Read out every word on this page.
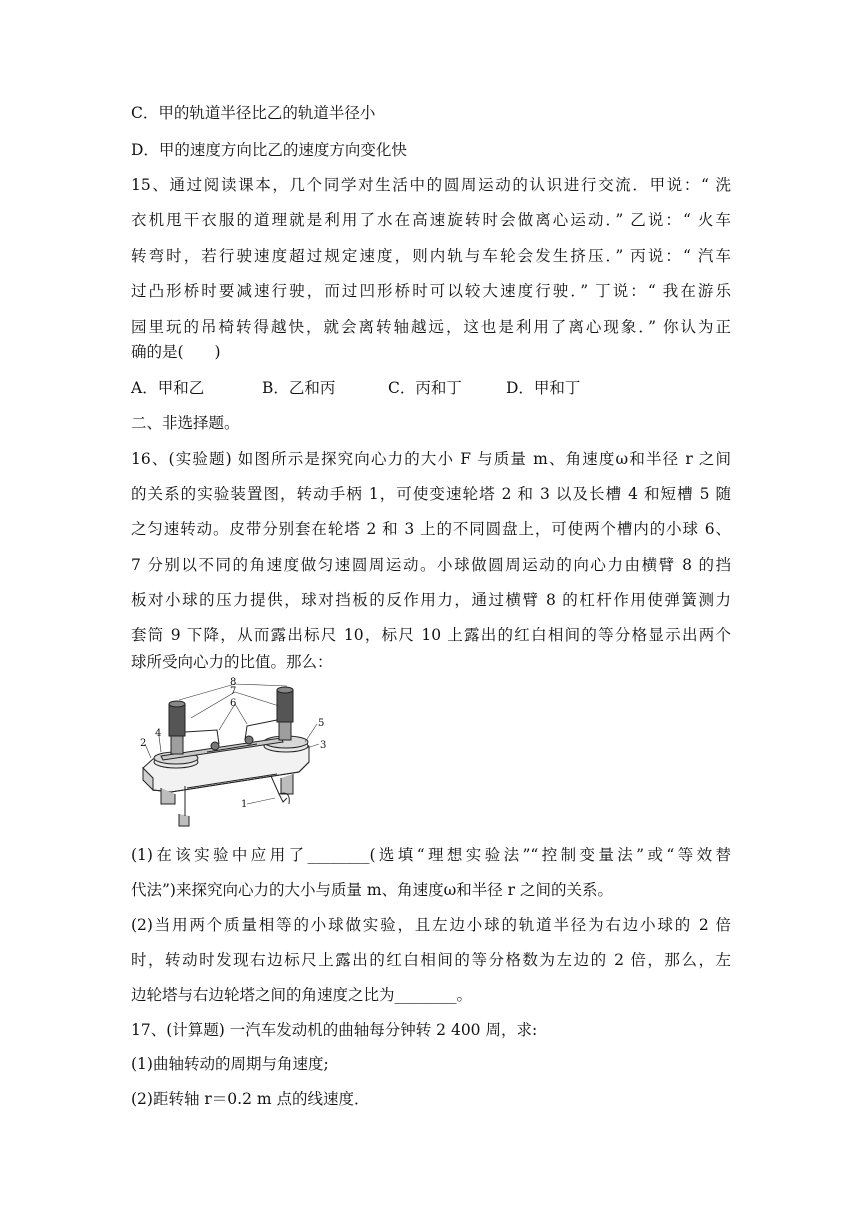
C．甲的轨道半径比乙的轨道半径小
D．甲的速度方向比乙的速度方向变化快
15、通过阅读课本，几个同学对生活中的圆周运动的认识进行交流．甲说：“ 洗
衣机甩干衣服的道理就是利用了水在高速旋转时会做离心运动．” 乙说：“ 火车
转弯时，若行驶速度超过规定速度，则内轨与车轮会发生挤压．” 丙说：“ 汽车
过凸形桥时要减速行驶，而过凹形桥时可以较大速度行驶．” 丁说：“ 我在游乐
园里玩的吊椅转得越快，就会离转轴越远，这也是利用了离心现象．” 你认为正
确的是(　　)
A．甲和乙	B．乙和丙	C．丙和丁	D．甲和丁
二、非选择题。
16、(实验题) 如图所示是探究向心力的大小 F 与质量 m、角速度ω和半径 r 之间
的关系的实验装置图，转动手柄 1，可使变速轮塔 2 和 3 以及长槽 4 和短槽 5 随
之匀速转动。皮带分别套在轮塔 2 和 3 上的不同圆盘上，可使两个槽内的小球 6、
7 分别以不同的角速度做匀速圆周运动。小球做圆周运动的向心力由横臂 8 的挡
板对小球的压力提供，球对挡板的反作用力，通过横臂 8 的杠杆作用使弹簧测力
套筒 9 下降，从而露出标尺 10，标尺 10 上露出的红白相间的等分格显示出两个
球所受向心力的比值。那么：
8
7
6
5
3
4
2
1
(1)在该实验中应用了________(选填“理想实验法”“控制变量法”或“等效替
代法”)来探究向心力的大小与质量 m、角速度ω和半径 r 之间的关系。
(2)当用两个质量相等的小球做实验，且左边小球的轨道半径为右边小球的 2 倍
时，转动时发现右边标尺上露出的红白相间的等分格数为左边的 2 倍，那么，左
边轮塔与右边轮塔之间的角速度之比为________。
17、(计算题) 一汽车发动机的曲轴每分钟转 2 400 周，求:
(1)曲轴转动的周期与角速度;
(2)距转轴 r＝0.2 m 点的线速度．
